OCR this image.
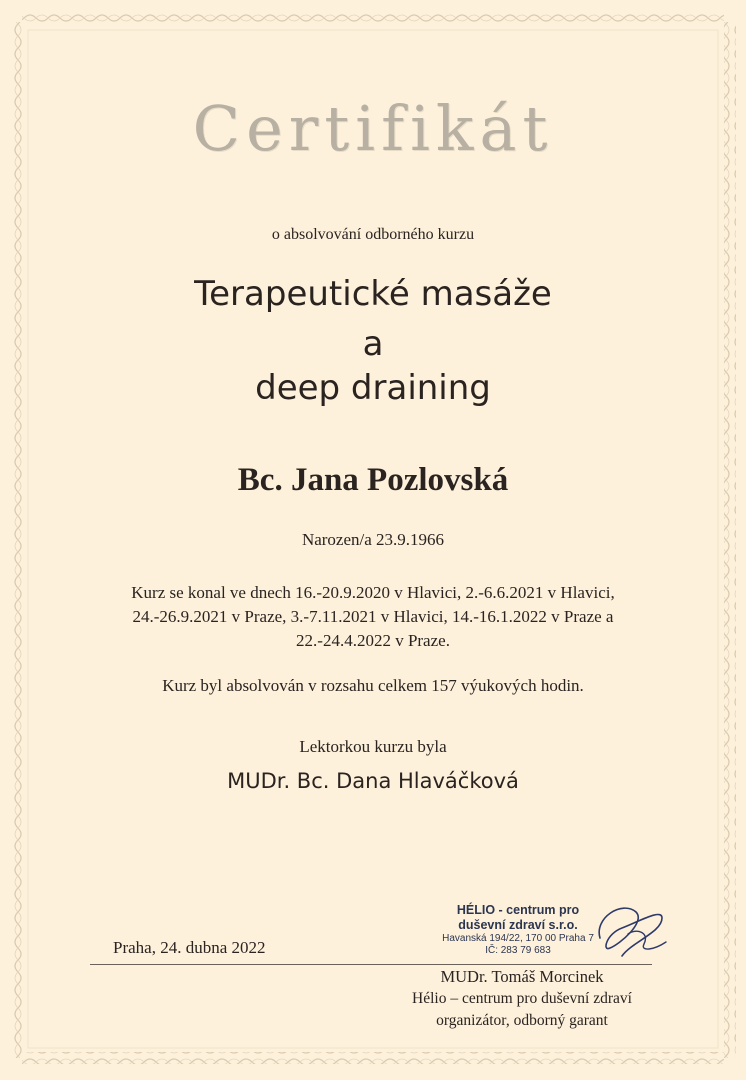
Certifikát
o absolvování odborného kurzu
Terapeutické masáže
a
deep draining
Bc. Jana Pozlovská
Narozen/a 23.9.1966
Kurz se konal ve dnech 16.-20.9.2020 v Hlavici, 2.-6.6.2021 v Hlavici,
24.-26.9.2021 v Praze, 3.-7.11.2021 v Hlavici, 14.-16.1.2022 v Praze a
22.-24.4.2022 v Praze.
Kurz byl absolvován v rozsahu celkem 157 výukových hodin.
Lektorkou kurzu byla
MUDr. Bc. Dana Hlaváčková
HÉLIO - centrum pro
duševní zdraví s.r.o.
Havanská 194/22, 170 00 Praha 7
IČ: 283 79 683
Praha, 24. dubna 2022
MUDr. Tomáš Morcinek
Hélio – centrum pro duševní zdraví
organizátor, odborný garant
